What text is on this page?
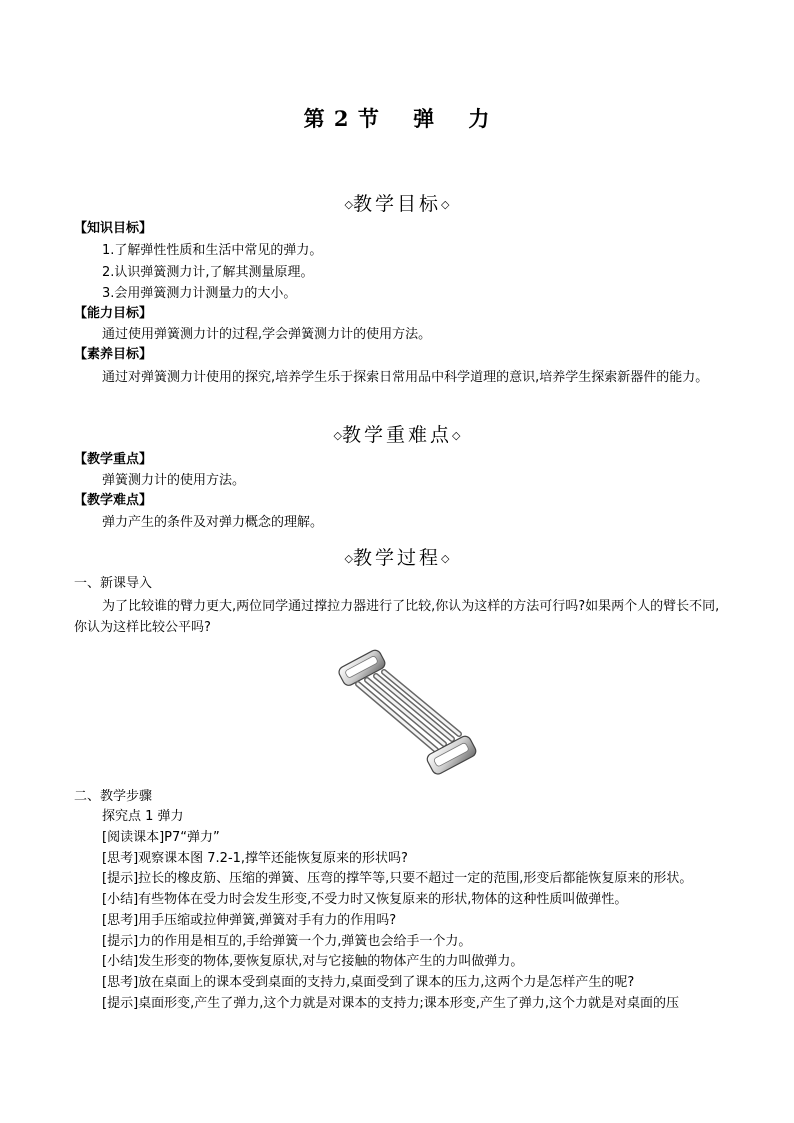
第 2 节    弹    力
◇教学目标◇
【知识目标】
1.了解弹性性质和生活中常见的弹力。
2.认识弹簧测力计,了解其测量原理。
3.会用弹簧测力计测量力的大小。
【能力目标】
通过使用弹簧测力计的过程,学会弹簧测力计的使用方法。
【素养目标】
通过对弹簧测力计使用的探究,培养学生乐于探索日常用品中科学道理的意识,培养学生探索新器件的能力。
◇教学重难点◇
【教学重点】
弹簧测力计的使用方法。
【教学难点】
弹力产生的条件及对弹力概念的理解。
◇教学过程◇
一、新课导入
为了比较谁的臂力更大,两位同学通过撑拉力器进行了比较,你认为这样的方法可行吗?如果两个人的臂长不同,你认为这样比较公平吗?
二、教学步骤
探究点 1 弹力
[阅读课本]P7“弹力”
[思考]观察课本图 7.2-1,撑竿还能恢复原来的形状吗?
[提示]拉长的橡皮筋、压缩的弹簧、压弯的撑竿等,只要不超过一定的范围,形变后都能恢复原来的形状。
[小结]有些物体在受力时会发生形变,不受力时又恢复原来的形状,物体的这种性质叫做弹性。
[思考]用手压缩或拉伸弹簧,弹簧对手有力的作用吗?
[提示]力的作用是相互的,手给弹簧一个力,弹簧也会给手一个力。
[小结]发生形变的物体,要恢复原状,对与它接触的物体产生的力叫做弹力。
[思考]放在桌面上的课本受到桌面的支持力,桌面受到了课本的压力,这两个力是怎样产生的呢?
[提示]桌面形变,产生了弹力,这个力就是对课本的支持力;课本形变,产生了弹力,这个力就是对桌面的压
